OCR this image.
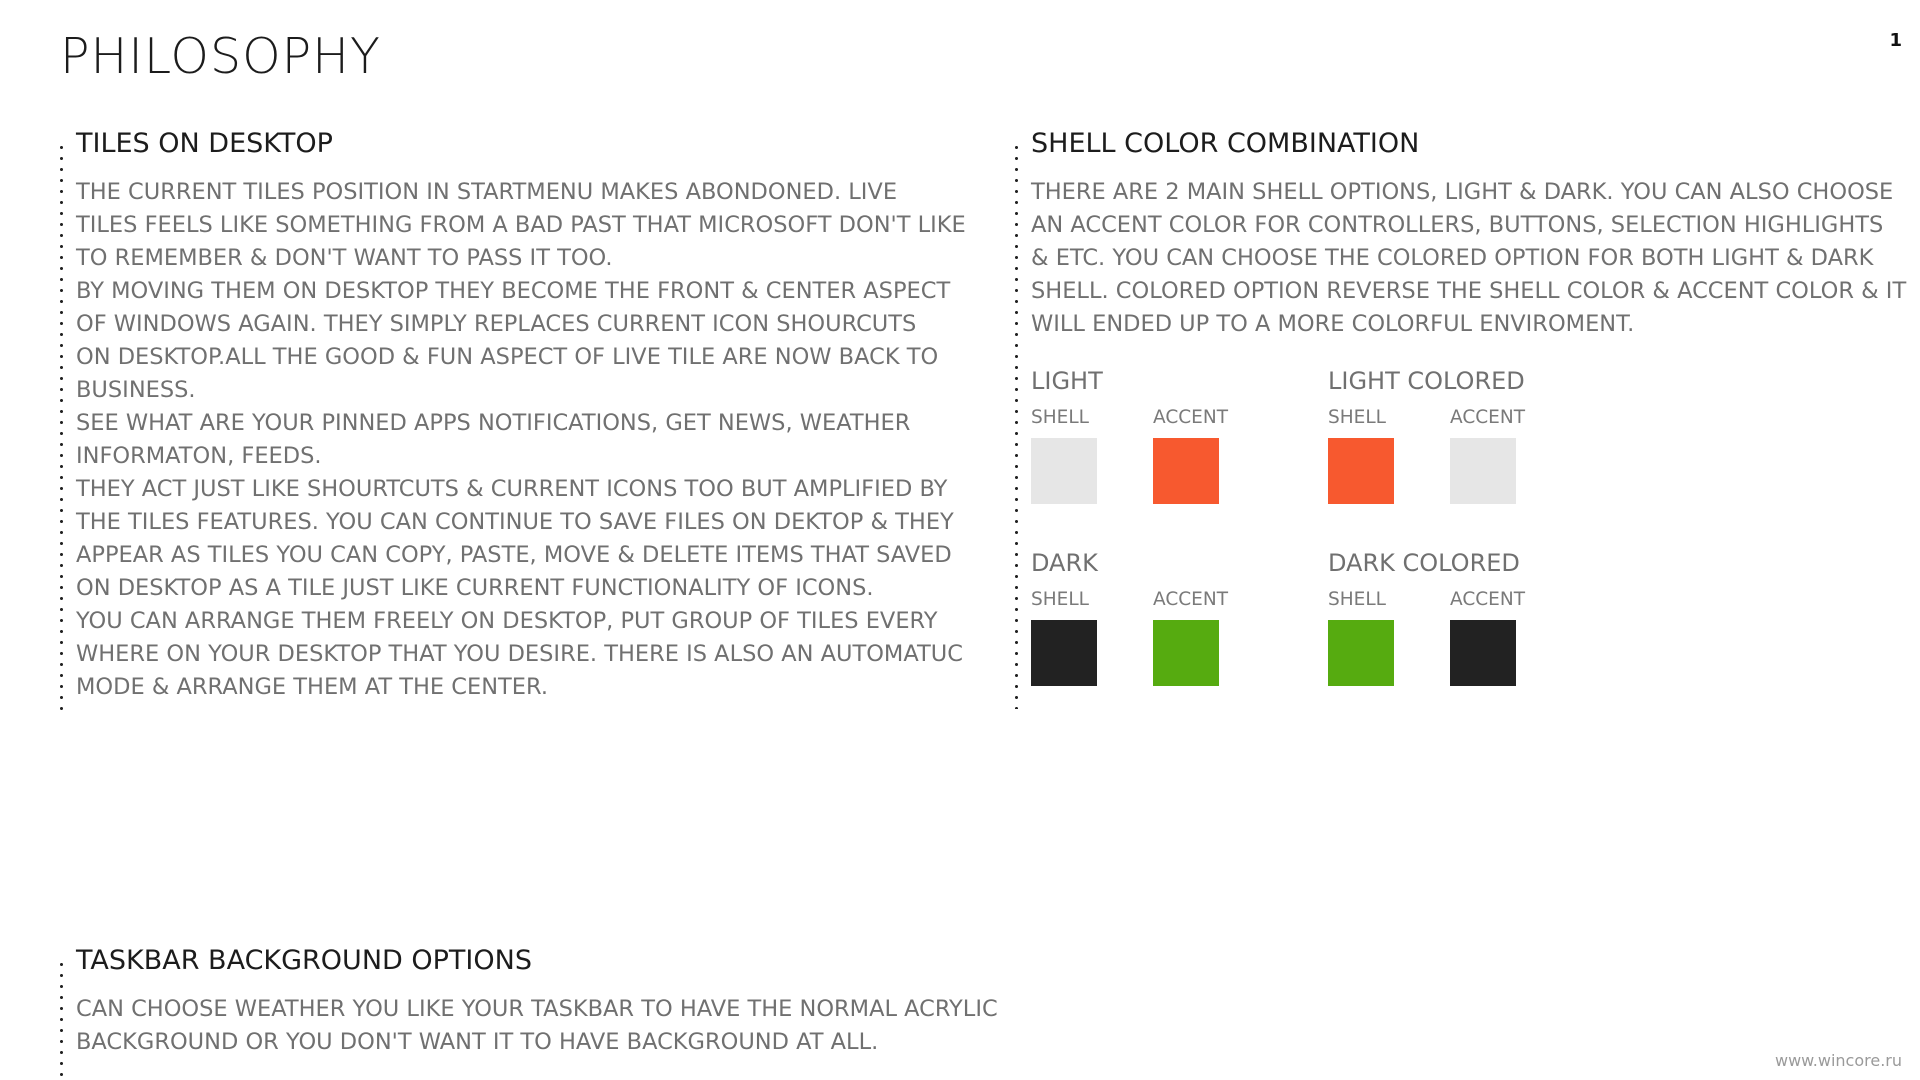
PHILOSOPHY	1
TILES ON DESKTOP
THE CURRENT TILES POSITION IN STARTMENU MAKES ABONDONED. LIVE
TILES FEELS LIKE SOMETHING FROM A BAD PAST THAT MICROSOFT DON'T LIKE
TO REMEMBER & DON'T WANT TO PASS IT TOO.
BY MOVING THEM ON DESKTOP THEY BECOME THE FRONT & CENTER ASPECT
OF WINDOWS AGAIN. THEY SIMPLY REPLACES CURRENT ICON SHOURCUTS
ON DESKTOP.ALL THE GOOD & FUN ASPECT OF LIVE TILE ARE NOW BACK TO
BUSINESS.
SEE WHAT ARE YOUR PINNED APPS NOTIFICATIONS, GET NEWS, WEATHER
INFORMATON, FEEDS.
THEY ACT JUST LIKE SHOURTCUTS & CURRENT ICONS TOO BUT AMPLIFIED BY
THE TILES FEATURES. YOU CAN CONTINUE TO SAVE FILES ON DEKTOP & THEY
APPEAR AS TILES YOU CAN COPY, PASTE, MOVE & DELETE ITEMS THAT SAVED
ON DESKTOP AS A TILE JUST LIKE CURRENT FUNCTIONALITY OF ICONS.
YOU CAN ARRANGE THEM FREELY ON DESKTOP, PUT GROUP OF TILES EVERY
WHERE ON YOUR DESKTOP THAT YOU DESIRE. THERE IS ALSO AN AUTOMATUC
MODE & ARRANGE THEM AT THE CENTER.
SHELL COLOR COMBINATION
THERE ARE 2 MAIN SHELL OPTIONS, LIGHT & DARK. YOU CAN ALSO CHOOSE
AN ACCENT COLOR FOR CONTROLLERS, BUTTONS, SELECTION HIGHLIGHTS
& ETC. YOU CAN CHOOSE THE COLORED OPTION FOR BOTH LIGHT & DARK
SHELL. COLORED OPTION REVERSE THE SHELL COLOR & ACCENT COLOR & IT
WILL ENDED UP TO A MORE COLORFUL ENVIROMENT.
LIGHT
SHELL	ACCENT
LIGHT COLORED
SHELL	ACCENT
DARK
SHELL	ACCENT
DARK COLORED
SHELL	ACCENT
TASKBAR BACKGROUND OPTIONS
CAN CHOOSE WEATHER YOU LIKE YOUR TASKBAR TO HAVE THE NORMAL ACRYLIC
BACKGROUND OR YOU DON'T WANT IT TO HAVE BACKGROUND AT ALL.
www.wincore.ru
